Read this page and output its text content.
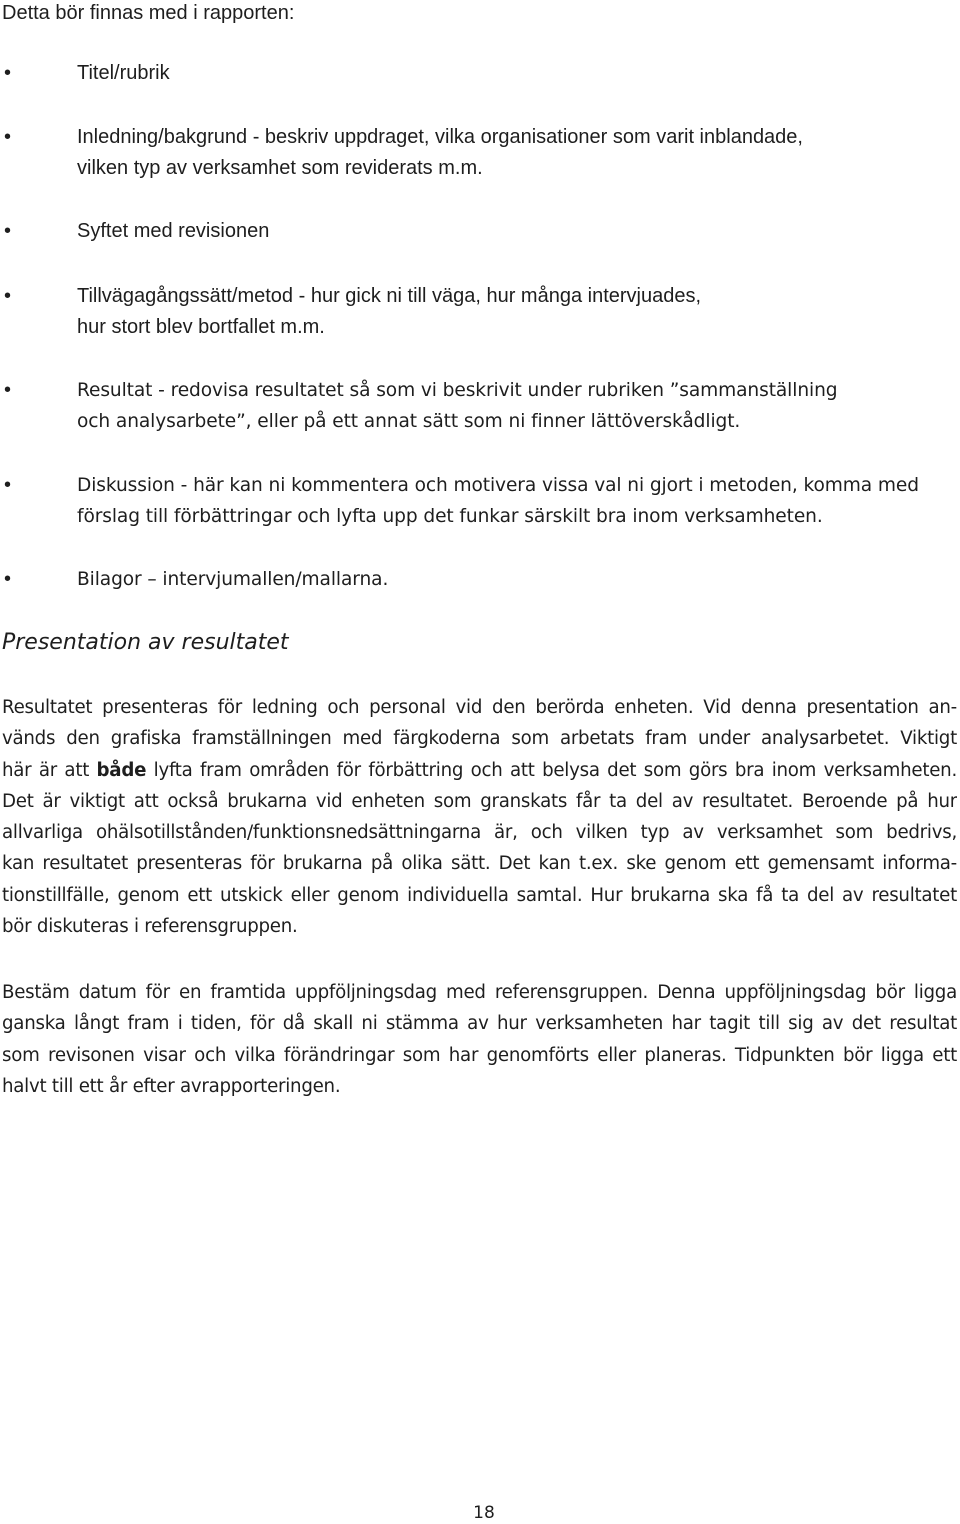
Detta bör finnas med i rapporten:

•	Titel/rubrik
•	Inledning/bakgrund - beskriv uppdraget, vilka organisationer som varit inblandade,
vilken typ av verksamhet som reviderats m.m.
•	Syftet med revisionen
•	Tillvägagångssätt/metod - hur gick ni till väga, hur många intervjuades,
hur stort blev bortfallet m.m.
•	Resultat - redovisa resultatet så som vi beskrivit under rubriken ”sammanställning
och analysarbete”, eller på ett annat sätt som ni finner lättöverskådligt.
•	Diskussion - här kan ni kommentera och motivera vissa val ni gjort i metoden, komma med
förslag till förbättringar och lyfta upp det funkar särskilt bra inom verksamheten.
•	Bilagor – intervjumallen/mallarna.
Presentation av resultatet

Resultatet presenteras för ledning och personal vid den berörda enheten. Vid denna presentation an-
vänds den grafiska framställningen med färgkoderna som arbetats fram under analysarbetet. Viktigt
här är att både lyfta fram områden för förbättring och att belysa det som görs bra inom verksamheten.
Det är viktigt att också brukarna vid enheten som granskats får ta del av resultatet. Beroende på hur
allvarliga ohälsotillstånden/funktionsnedsättningarna är, och vilken typ av verksamhet som bedrivs,
kan resultatet presenteras för brukarna på olika sätt. Det kan t.ex. ske genom ett gemensamt informa-
tionstillfälle, genom ett utskick eller genom individuella samtal. Hur brukarna ska få ta del av resultatet
bör diskuteras i referensgruppen.

Bestäm datum för en framtida uppföljningsdag med referensgruppen. Denna uppföljningsdag bör ligga
ganska långt fram i tiden, för då skall ni stämma av hur verksamheten har tagit till sig av det resultat
som revisonen visar och vilka förändringar som har genomförts eller planeras. Tidpunkten bör ligga ett
halvt till ett år efter avrapporteringen.

18
